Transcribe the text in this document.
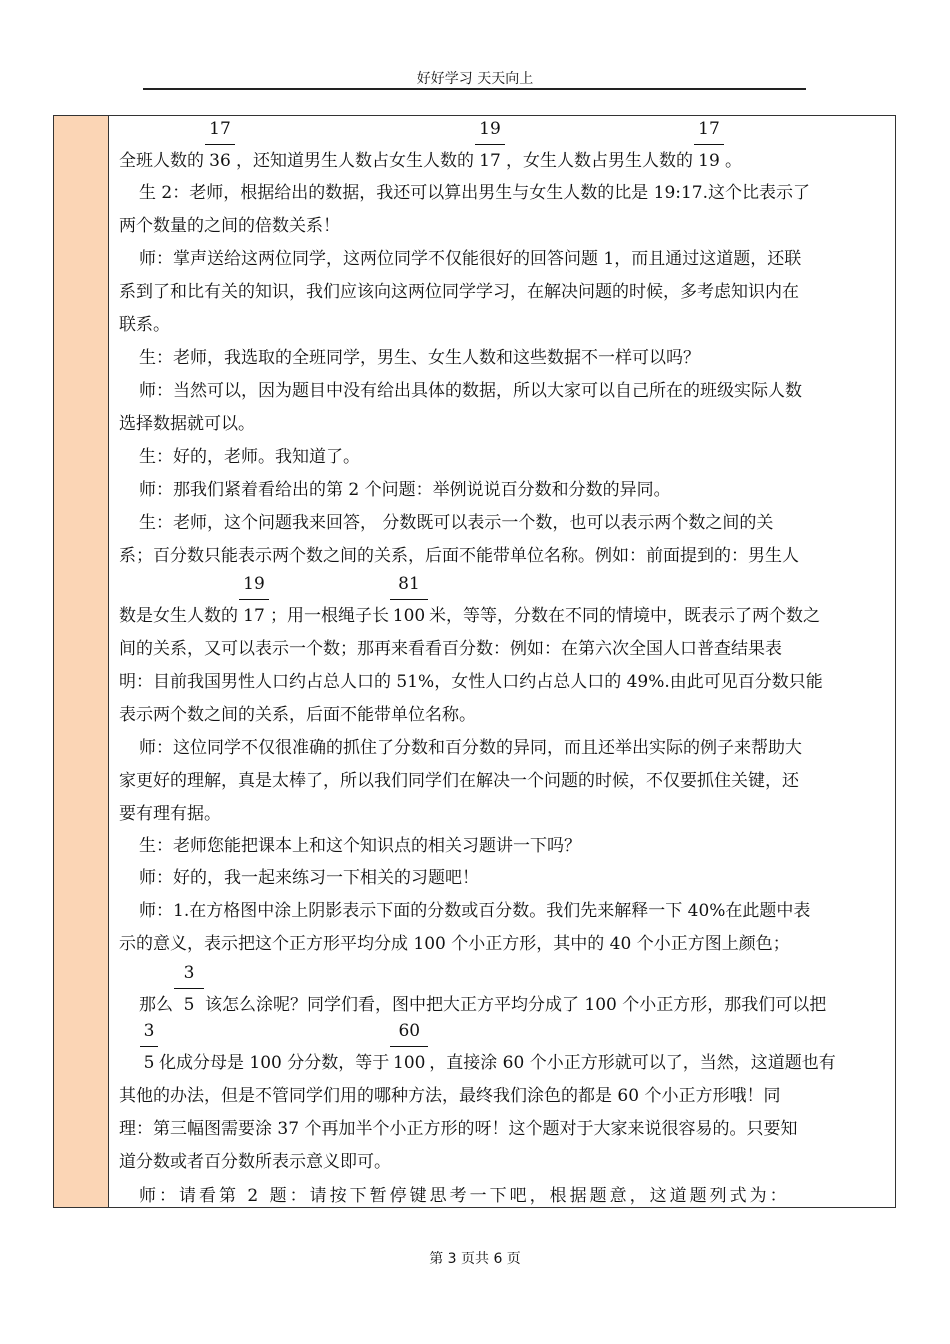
好好学习 天天向上
全班人数的 $\frac{17}{36}$ ，还知道男生人数占女生人数的 $\frac{19}{17}$ ，女生人数占男生人数的 $\frac{17}{19}$ 。
生 2：老师，根据给出的数据，我还可以算出男生与女生人数的比是 19:17.这个比表示了
两个数量的之间的倍数关系！
师：掌声送给这两位同学，这两位同学不仅能很好的回答问题 1，而且通过这道题，还联
系到了和比有关的知识，我们应该向这两位同学学习，在解决问题的时候，多考虑知识内在
联系。
生：老师，我选取的全班同学，男生、女生人数和这些数据不一样可以吗？
师：当然可以，因为题目中没有给出具体的数据，所以大家可以自己所在的班级实际人数
选择数据就可以。
生：好的，老师。我知道了。
师：那我们紧着看给出的第 2 个问题：举例说说百分数和分数的异同。
生：老师，这个问题我来回答， 分数既可以表示一个数，也可以表示两个数之间的关
系；百分数只能表示两个数之间的关系，后面不能带单位名称。例如：前面提到的：男生人
数是女生人数的 $\frac{19}{17}$ ；用一根绳子长 $\frac{81}{100}$ 米，等等，分数在不同的情境中，既表示了两个数之
间的关系，又可以表示一个数；那再来看看百分数：例如：在第六次全国人口普查结果表
明：目前我国男性人口约占总人口的 51%，女性人口约占总人口的 49%.由此可见百分数只能
表示两个数之间的关系，后面不能带单位名称。
师：这位同学不仅很准确的抓住了分数和百分数的异同，而且还举出实际的例子来帮助大
家更好的理解，真是太棒了，所以我们同学们在解决一个问题的时候，不仅要抓住关键，还
要有理有据。
生：老师您能把课本上和这个知识点的相关习题讲一下吗？
师：好的，我一起来练习一下相关的习题吧！
师：1.在方格图中涂上阴影表示下面的分数或百分数。我们先来解释一下 40%在此题中表
示的意义，表示把这个正方形平均分成 100 个小正方形，其中的 40 个小正方图上颜色；
那么 $\frac{3}{5}$ 该怎么涂呢？同学们看，图中把大正方平均分成了 100 个小正方形，那我们可以把
$\frac{3}{5}$ 化成分母是 100 分分数，等于 $\frac{60}{100}$ ，直接涂 60 个小正方形就可以了，当然，这道题也有
其他的办法，但是不管同学们用的哪种方法，最终我们涂色的都是 60 个小正方形哦！同
理：第三幅图需要涂 37 个再加半个小正方形的呀！这个题对于大家来说很容易的。只要知
道分数或者百分数所表示意义即可。
师：请看第 2 题：请按下暂停键思考一下吧，根据题意，这道题列式为：
第 3 页共 6 页
